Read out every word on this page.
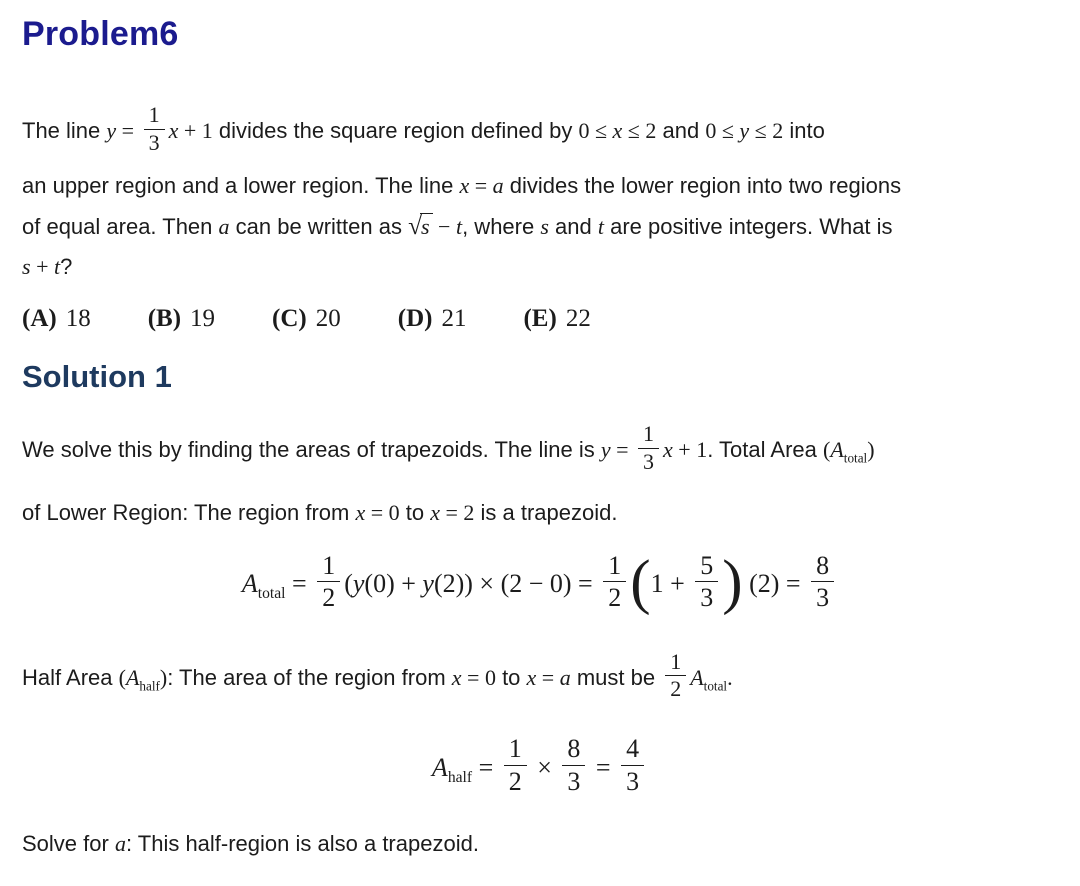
Problem6
The line $y = \frac{1}{3}$ x + 1 divides the square region defined by 0 ≤ x ≤ 2 and 0 ≤ y ≤ 2 into
an upper region and a lower region. The line x = a divides the lower region into two regions
of equal area. Then a can be written as √s − t, where s and t are positive integers. What is
s + t?
(A) 18 (B) 19 (C) 20 (D) 21 (E) 22
Solution 1
We solve this by finding the areas of trapezoids. The line is $y = \frac{1}{3}$ x + 1. Total Area $(A_{total})$
of Lower Region: The region from x = 0 to x = 2 is a trapezoid.
$A_{total} = \frac{1}{2} (y(0) + y(2)) \times (2 - 0) = \frac{1}{2} (1 + \frac{5}{3}$ ) $(2) = \frac{8}{3}$
Half Area $(A_{half})$: The area of the region from x = 0 to x = a must be $\frac{1}{2} A_{total}$.
$A_{half} = \frac{1}{2} \times \frac{8}{3} = \frac{4}{3}$
Solve for a: This half-region is also a trapezoid.
